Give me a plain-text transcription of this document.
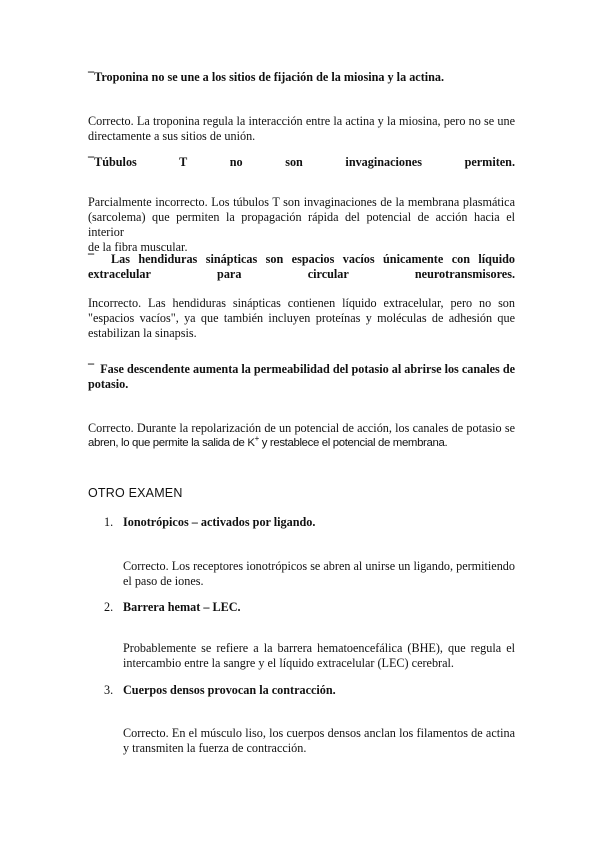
¯Troponina no se une a los sitios de fijación de la miosina y la actina.
Correcto. La troponina regula la interacción entre la actina y la miosina, pero no se une
directamente a sus sitios de unión.
¯Túbulos T no son invaginaciones permiten.
Parcialmente incorrecto. Los túbulos T son invaginaciones de la membrana plasmática
(sarcolema) que permiten la propagación rápida del potencial de acción hacia el interior
de la fibra muscular.
¯ Las hendiduras sinápticas son espacios vacíos únicamente con líquido
extracelular para circular neurotransmisores.
Incorrecto. Las hendiduras sinápticas contienen líquido extracelular, pero no son
"espacios vacíos", ya que también incluyen proteínas y moléculas de adhesión que
estabilizan la sinapsis.
¯ Fase descendente aumenta la permeabilidad del potasio al abrirse los canales de
potasio.
Correcto. Durante la repolarización de un potencial de acción, los canales de potasio se
abren, lo que permite la salida de K+ y restablece el potencial de membrana.
OTRO EXAMEN
1. Ionotrópicos – activados por ligando.
Correcto. Los receptores ionotrópicos se abren al unirse un ligando, permitiendo
el paso de iones.
2. Barrera hemat – LEC.
Probablemente se refiere a la barrera hematoencefálica (BHE), que regula el
intercambio entre la sangre y el líquido extracelular (LEC) cerebral.
3. Cuerpos densos provocan la contracción.
Correcto. En el músculo liso, los cuerpos densos anclan los filamentos de actina
y transmiten la fuerza de contracción.
